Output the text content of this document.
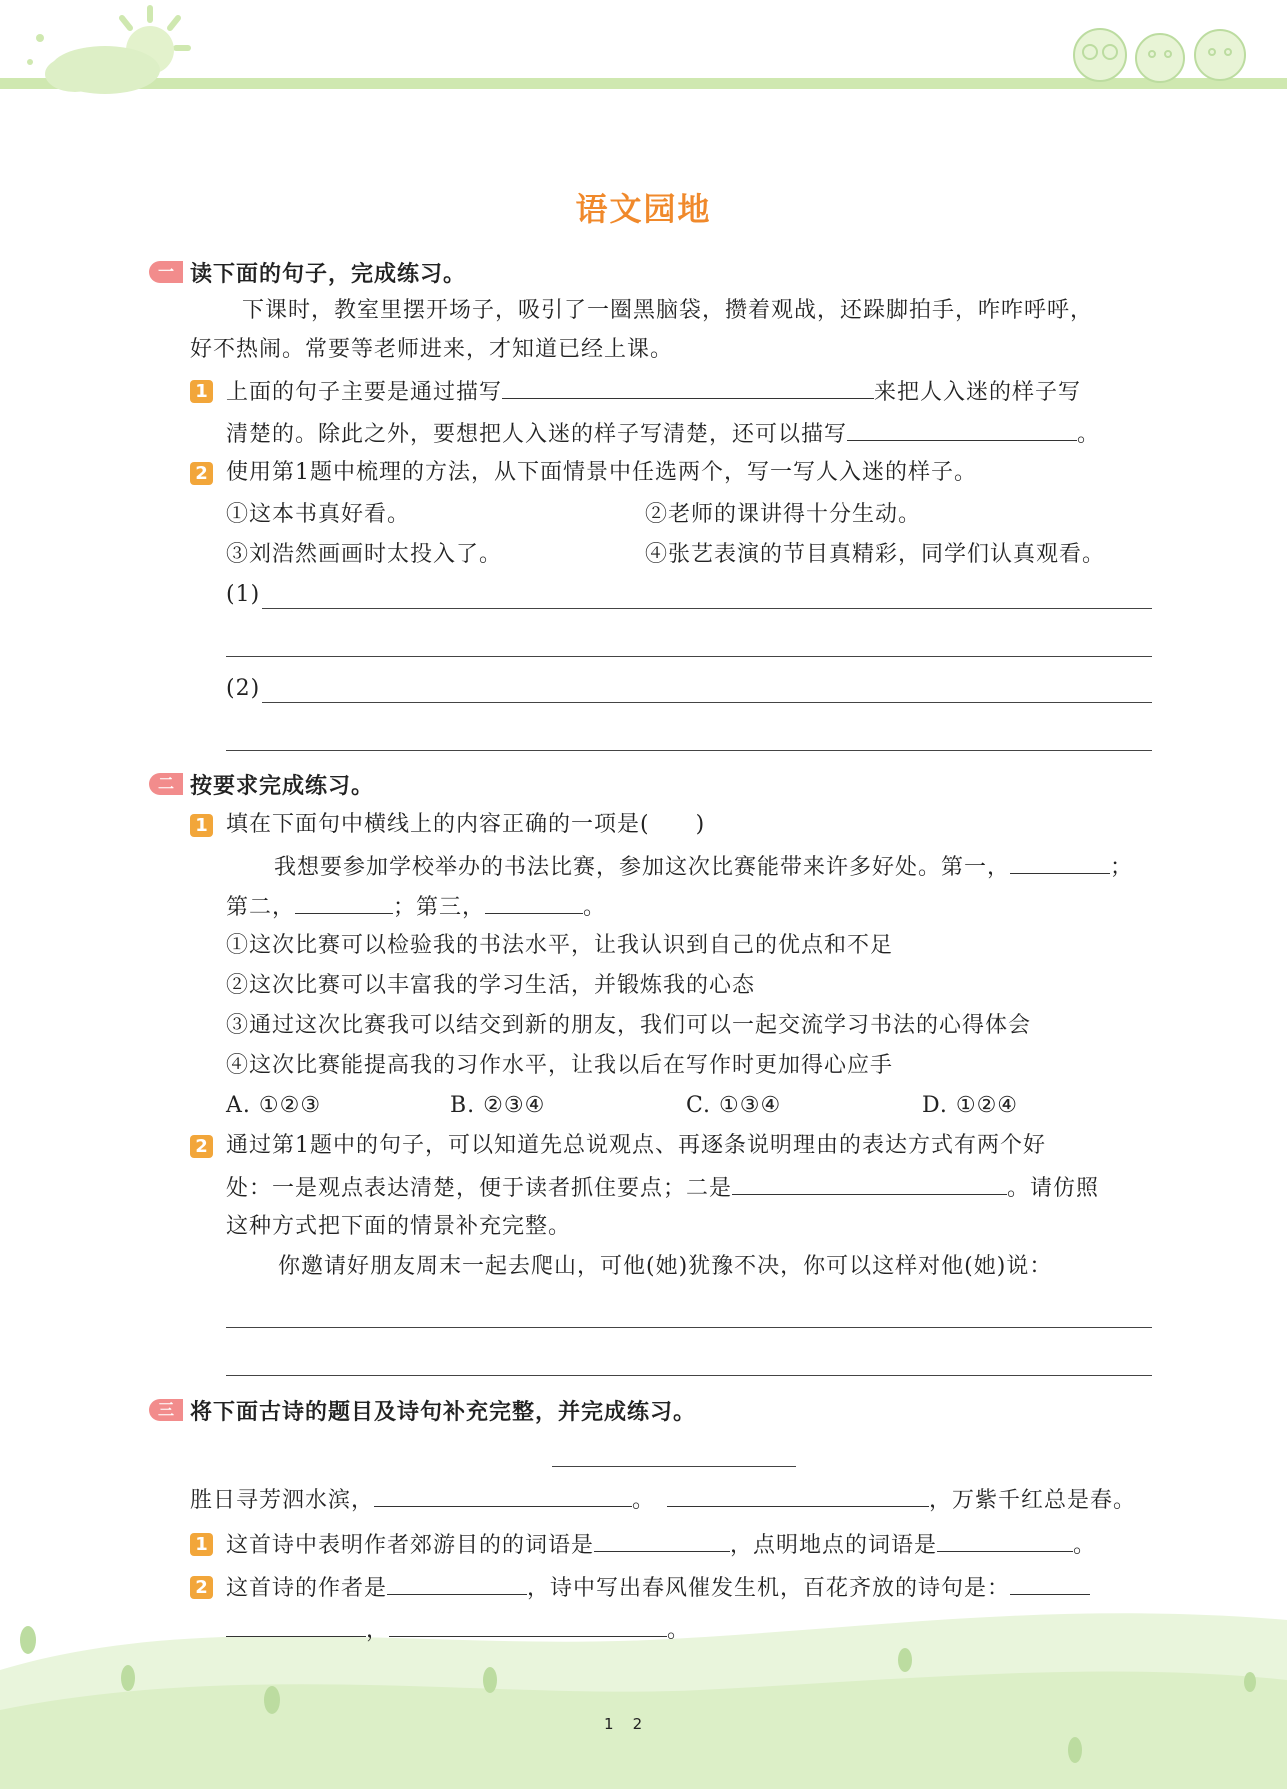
语文园地
一 读下面的句子，完成练习。
下课时，教室里摆开场子，吸引了一圈黑脑袋，攒着观战，还跺脚拍手，咋咋呼呼，
好不热闹。常要等老师进来，才知道已经上课。
1 上面的句子主要是通过描写	来把人入迷的样子写
清楚的。除此之外，要想把人入迷的样子写清楚，还可以描写	。
2 使用第1题中梳理的方法，从下面情景中任选两个，写一写人入迷的样子。
①这本书真好看。	②老师的课讲得十分生动。
③刘浩然画画时太投入了。	④张艺表演的节目真精彩，同学们认真观看。
(1)
(2)
二 按要求完成练习。
1 填在下面句中横线上的内容正确的一项是(　　)
我想要参加学校举办的书法比赛，参加这次比赛能带来许多好处。第一，	；
第二，	；第三，	。
①这次比赛可以检验我的书法水平，让我认识到自己的优点和不足
②这次比赛可以丰富我的学习生活，并锻炼我的心态
③通过这次比赛我可以结交到新的朋友，我们可以一起交流学习书法的心得体会
④这次比赛能提高我的习作水平，让我以后在写作时更加得心应手
A. ①②③	B. ②③④	C. ①③④	D. ①②④
2 通过第1题中的句子，可以知道先总说观点、再逐条说明理由的表达方式有两个好
处：一是观点表达清楚，便于读者抓住要点；二是	。请仿照
这种方式把下面的情景补充完整。
你邀请好朋友周末一起去爬山，可他(她)犹豫不决，你可以这样对他(她)说：
三 将下面古诗的题目及诗句补充完整，并完成练习。
胜日寻芳泗水滨，	。	，万紫千红总是春。
1 这首诗中表明作者郊游目的的词语是	，点明地点的词语是	。
2 这首诗的作者是	，诗中写出春风催发生机，百花齐放的诗句是：
，	。
1    2
